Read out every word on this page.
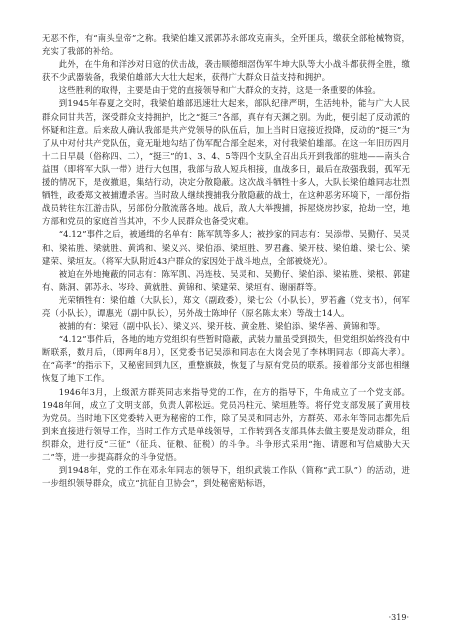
无恶不作，有“南头皇帝”之称。我梁伯雄又派郭苏永部攻克南头，全歼匪兵，缴获全部枪械物资，充实了我部的补给。

此外，在牛角和洋沙对日寇的伏击战，袭击顺德细滘伪军牛坤大队等大小战斗都获得全胜，缴获不少武器装备，我梁伯雄部大大壮大起来，获得广大群众日益支持和拥护。

这些胜利的取得，主要是由于党的直接领导和广大群众的支持，这是一条重要的体验。

到1945年春夏之交时，我梁伯雄部迅速壮大起来，部队纪律严明，生活纯朴，能与广大人民群众同甘共苦，深受群众支持拥护，比之“挺三”各部，真存有天渊之别。为此，便引起了反动派的怀疑和注意。后来敌人确认我部是共产党领导的队伍后，加上当时日寇接近投降，反动的“挺三”为了从中对付共产党队伍，竟无耻地勾结了伪军配合部全起来，对付我梁伯雄部。在这一年旧历四月十二日早晨（俗称四、二），“挺三”的1、3、4、5等四个支队全召出兵开到我部的驻地——南头合益围（即将军大队一带）进行大包围，我部与敌人短兵相接，血战多日，最后在敌强我弱，孤军无援的情况下，是夜撤退，集结行动，决定分散隐蔽。这次战斗牺牲十多人，大队长梁伯雄同志壮烈牺牲，政委郑文被捕遭杀害。当时敌人继续搜捕我分散隐蔽的战士，在这种恶劣环境下，一部份指战员转往东江游击队，另部份分散流落各地。战后，敌人大举搜捕，拆屋烧房抄家，抢劫一空，地方部和党员的家庭首当其冲，不少人民群众也备受灾难。

“4.12”事件之后，被通缉的名单有：陈军凯等多人；被抄家的同志有：吴添带、吴勤仔、吴灵和、梁祐胜、梁就胜、黄鸿和、梁义兴、梁伯添、梁垣胜、罗君鑫、梁开枝、梁伯雄、梁七公、梁建荣、梁垣友。（将军大队附近43户群众的家因处于战斗地点，全部被烧光）。

被迫在外地掩蔽的同志有：陈军凯、冯连枝、吴灵和、吴勤仔、梁伯添、梁祐胜、梁根、郭建有、陈洞、郭苏永、岑玲、黄就胜、黄锦和、梁建荣、梁垣有、谢丽群等。

光荣牺牲有：梁伯雄（大队长），郑文（副政委），梁七公（小队长），罗若鑫（党支书），何军亮（小队长），谭惠光（副中队长），另外战士陈坤仔（原名陈太来）等战士14人。

被捕的有：梁冠（副中队长）、梁义兴、梁开枝、黄金胜、梁伯添、梁华善、黄锦和等。

“4.12”事件后，各地的地方党组织有些暂时隐蔽，武装力量虽受到损失，但党组织始终没有中断联系，数月后，（即两年8月），区党委书记吴添和同志在大岗会见了李林明同志（即高大孝）。在“高孝”的指示下，又秘密回到九区，重整旗鼓，恢复了与原有党员的联系。接着部分支部也相继恢复了地下工作。

1946年3月，上级派方群英同志来指导党的工作，在方的指导下，牛角成立了一个党支部。1948年间，成立了文明支部，负责人郭松远。党员冯柱元、梁垣胜等。将仔党支部发展了黄用枝为党员。当时地下区党委转入更为秘密的工作，除了吴灵和同志外，方群英、邓永年等同志都先后到来直接进行领导工作，当时工作方式是单线领导，工作转到各支部具体去做主要是发动群众，组织群众，进行反“三征”（征兵、征粮、征税）的斗争。斗争形式采用“拖、请愿和写信威胁大天二”等，进一步提高群众的斗争觉悟。

到1948年，党的工作在邓永年同志的领导下，组织武装工作队（简称“武工队”）的活动，进一步组织领导群众，成立“抗征自卫协会”，到处秘密贴标语，

·319·
